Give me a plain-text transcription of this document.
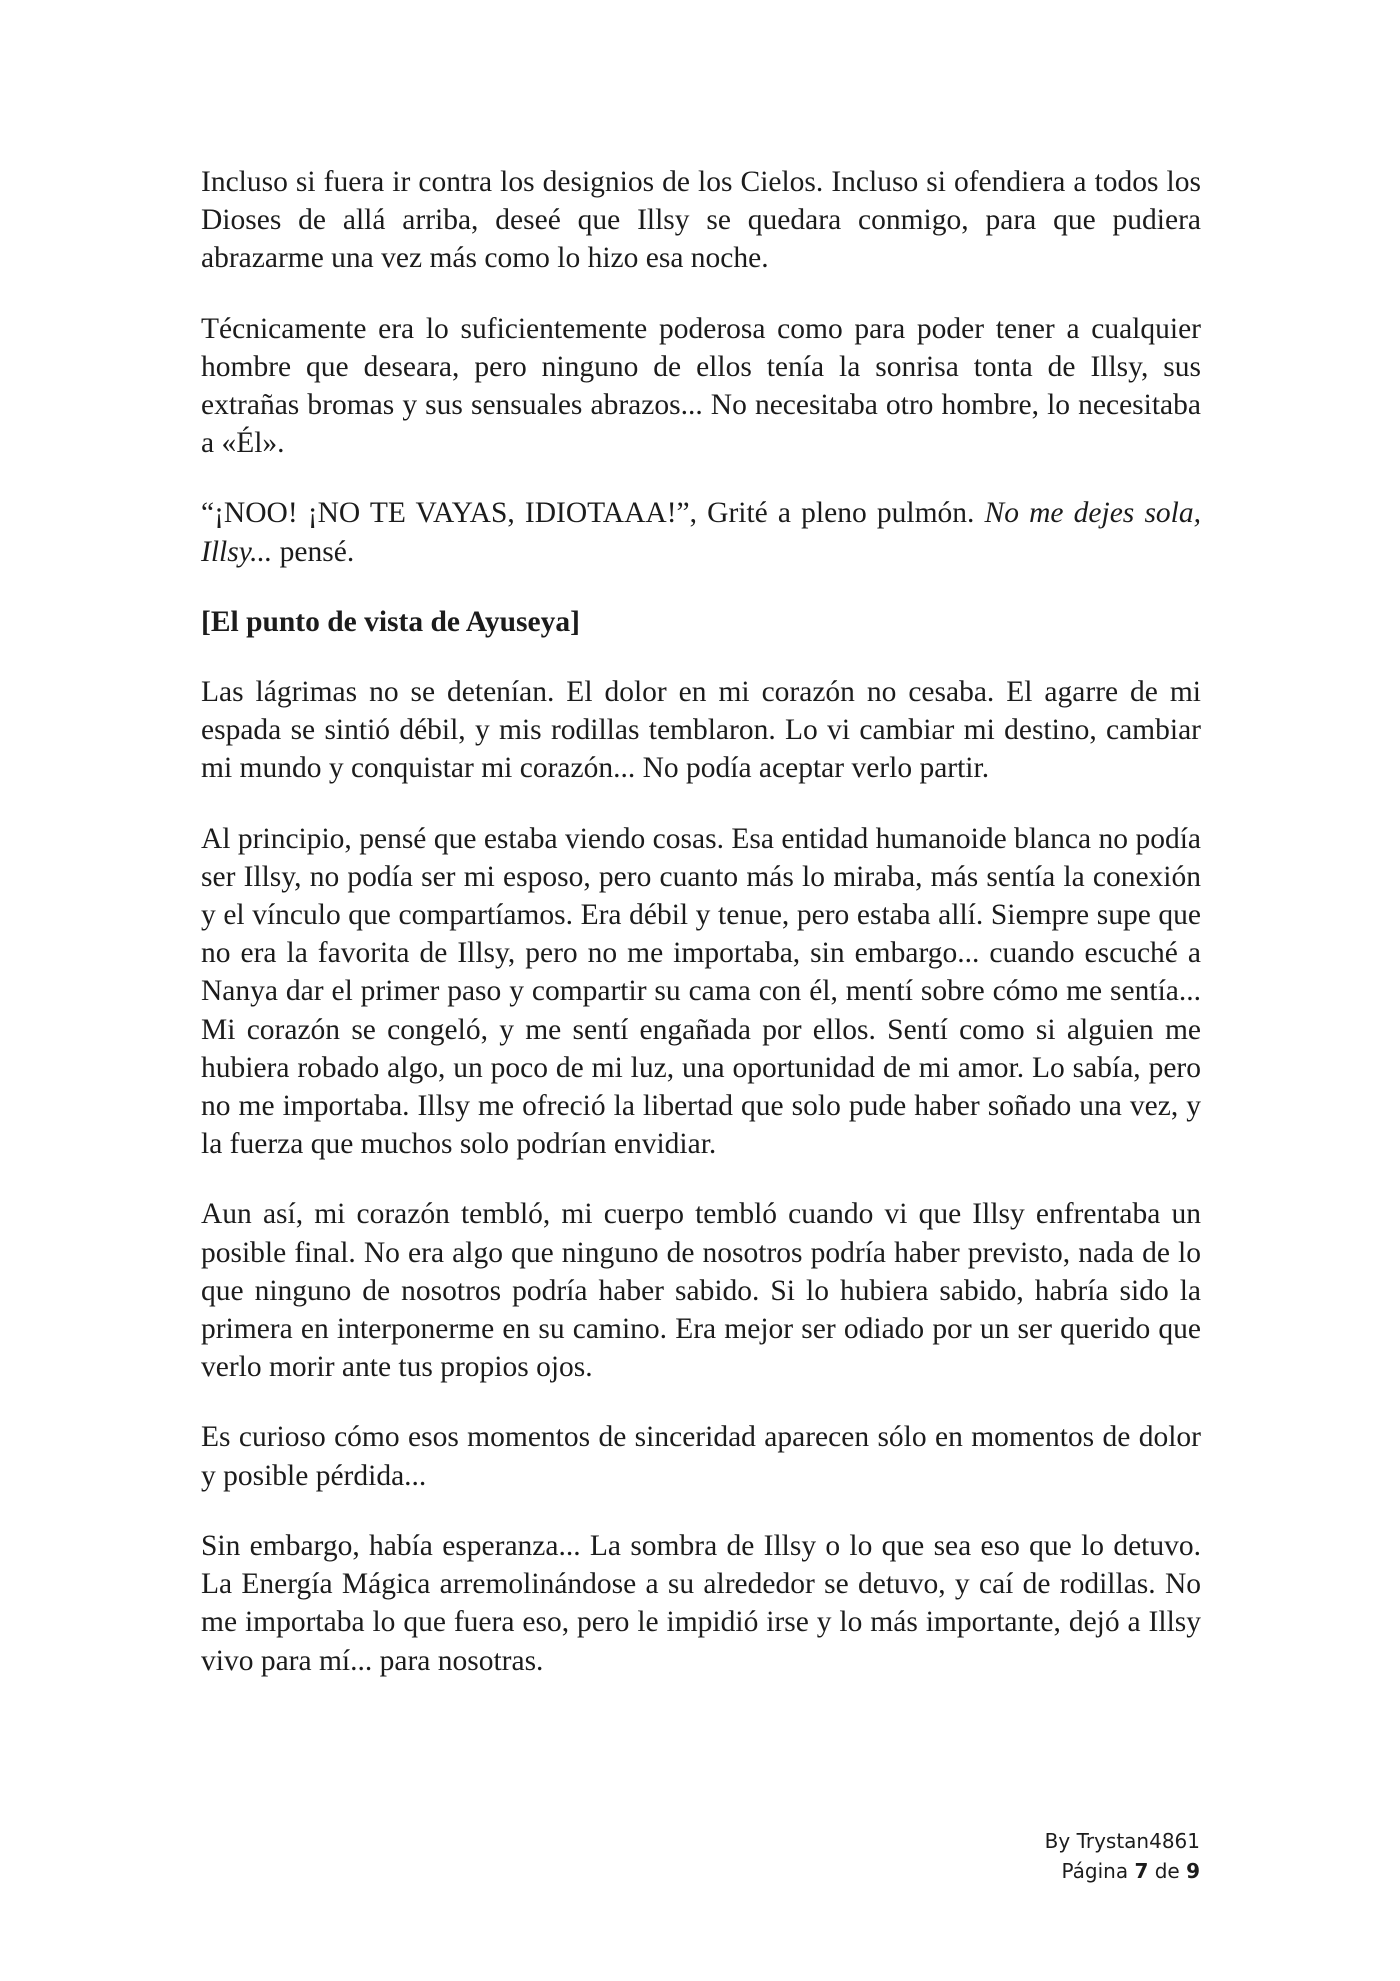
Incluso si fuera ir contra los designios de los Cielos. Incluso si ofendiera a todos los Dioses de allá arriba, deseé que Illsy se quedara conmigo, para que pudiera abrazarme una vez más como lo hizo esa noche.

Técnicamente era lo suficientemente poderosa como para poder tener a cualquier hombre que deseara, pero ninguno de ellos tenía la sonrisa tonta de Illsy, sus extrañas bromas y sus sensuales abrazos... No necesitaba otro hombre, lo necesitaba a «Él».

“¡NOO! ¡NO TE VAYAS, IDIOTAAA!”, Grité a pleno pulmón. No me dejes sola, Illsy... pensé.

[El punto de vista de Ayuseya]

Las lágrimas no se detenían. El dolor en mi corazón no cesaba. El agarre de mi espada se sintió débil, y mis rodillas temblaron. Lo vi cambiar mi destino, cambiar mi mundo y conquistar mi corazón... No podía aceptar verlo partir.

Al principio, pensé que estaba viendo cosas. Esa entidad humanoide blanca no podía ser Illsy, no podía ser mi esposo, pero cuanto más lo miraba, más sentía la conexión y el vínculo que compartíamos. Era débil y tenue, pero estaba allí. Siempre supe que no era la favorita de Illsy, pero no me importaba, sin embargo... cuando escuché a Nanya dar el primer paso y compartir su cama con él, mentí sobre cómo me sentía... Mi corazón se congeló, y me sentí engañada por ellos. Sentí como si alguien me hubiera robado algo, un poco de mi luz, una oportunidad de mi amor. Lo sabía, pero no me importaba. Illsy me ofreció la libertad que solo pude haber soñado una vez, y la fuerza que muchos solo podrían envidiar.

Aun así, mi corazón tembló, mi cuerpo tembló cuando vi que Illsy enfrentaba un posible final. No era algo que ninguno de nosotros podría haber previsto, nada de lo que ninguno de nosotros podría haber sabido. Si lo hubiera sabido, habría sido la primera en interponerme en su camino. Era mejor ser odiado por un ser querido que verlo morir ante tus propios ojos.

Es curioso cómo esos momentos de sinceridad aparecen sólo en momentos de dolor y posible pérdida...

Sin embargo, había esperanza... La sombra de Illsy o lo que sea eso que lo detuvo. La Energía Mágica arremolinándose a su alrededor se detuvo, y caí de rodillas. No me importaba lo que fuera eso, pero le impidió irse y lo más importante, dejó a Illsy vivo para mí... para nosotras.

By Trystan4861
Página 7 de 9
